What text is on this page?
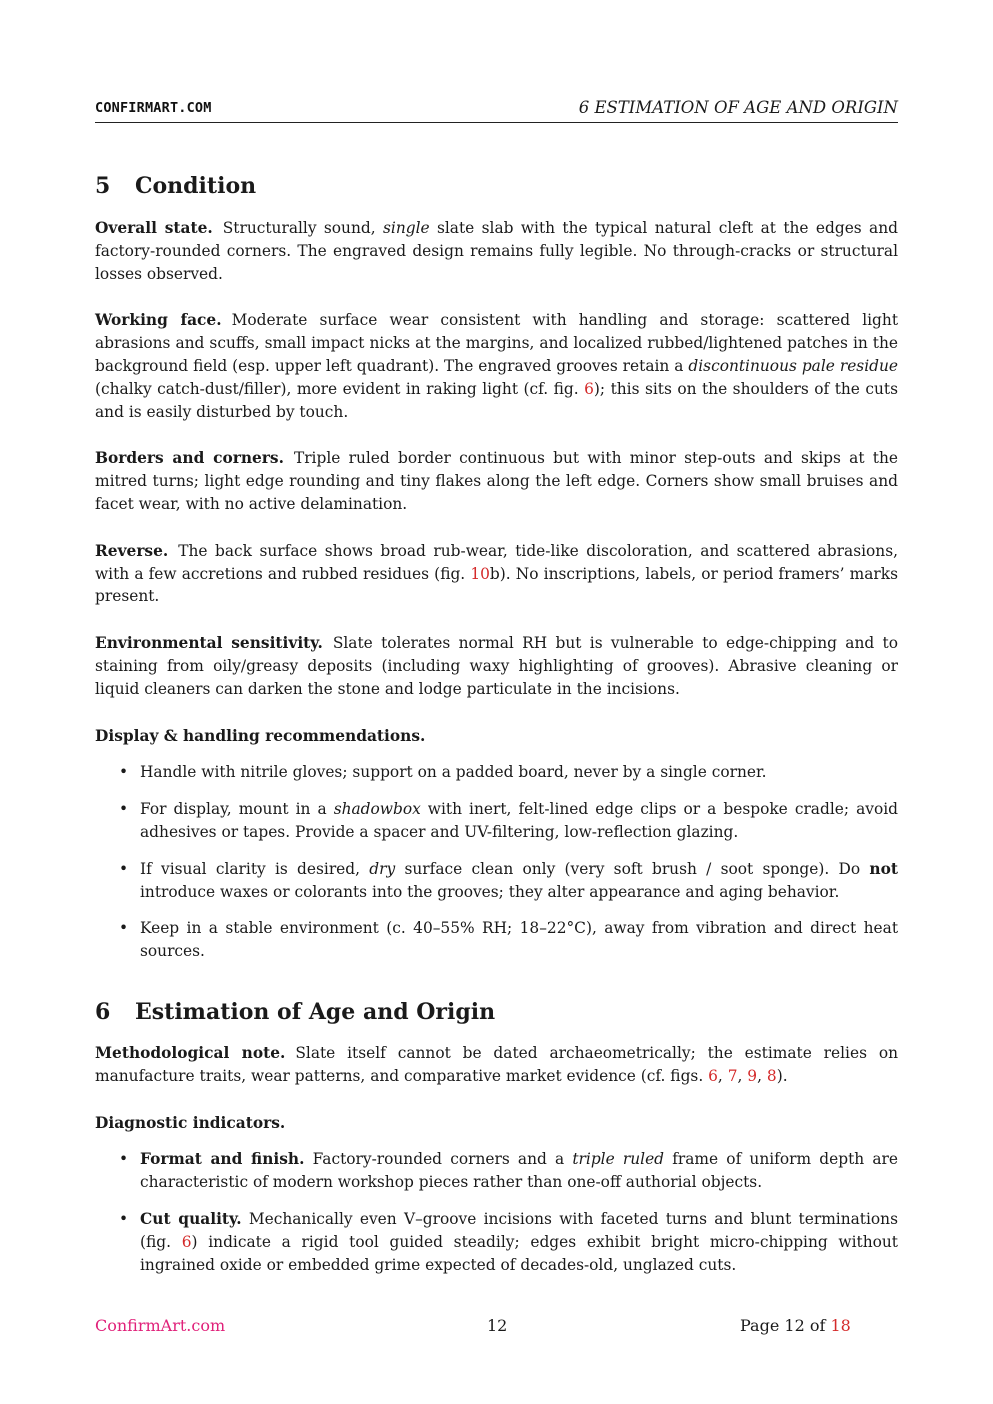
CONFIRMART.COM	6 ESTIMATION OF AGE AND ORIGIN
5	Condition

Overall state. Structurally sound, single slate slab with the typical natural cleft at the edges and factory-rounded corners. The engraved design remains fully legible. No through-cracks or structural losses observed.

Working face. Moderate surface wear consistent with handling and storage: scattered light abrasions and scuffs, small impact nicks at the margins, and localized rubbed/lightened patches in the background field (esp. upper left quadrant). The engraved grooves retain a discontinuous pale residue (chalky catch-dust/filler), more evident in raking light (cf. fig. 6); this sits on the shoulders of the cuts and is easily disturbed by touch.

Borders and corners. Triple ruled border continuous but with minor step-outs and skips at the mitred turns; light edge rounding and tiny flakes along the left edge. Corners show small bruises and facet wear, with no active delamination.

Reverse. The back surface shows broad rub-wear, tide-like discoloration, and scattered abrasions, with a few accretions and rubbed residues (fig. 10b). No inscriptions, labels, or period framers’ marks present.

Environmental sensitivity. Slate tolerates normal RH but is vulnerable to edge-chipping and to staining from oily/greasy deposits (including waxy highlighting of grooves). Abrasive cleaning or liquid cleaners can darken the stone and lodge particulate in the incisions.

Display & handling recommendations.
• Handle with nitrile gloves; support on a padded board, never by a single corner.
• For display, mount in a shadowbox with inert, felt-lined edge clips or a bespoke cradle; avoid adhesives or tapes. Provide a spacer and UV-filtering, low-reflection glazing.
• If visual clarity is desired, dry surface clean only (very soft brush / soot sponge). Do not introduce waxes or colorants into the grooves; they alter appearance and aging behavior.
• Keep in a stable environment (c. 40–55% RH; 18–22°C), away from vibration and direct heat sources.
6	Estimation of Age and Origin

Methodological note. Slate itself cannot be dated archaeometrically; the estimate relies on manufacture traits, wear patterns, and comparative market evidence (cf. figs. 6, 7, 9, 8).

Diagnostic indicators.
• Format and finish. Factory-rounded corners and a triple ruled frame of uniform depth are characteristic of modern workshop pieces rather than one-off authorial objects.
• Cut quality. Mechanically even V–groove incisions with faceted turns and blunt terminations (fig. 6) indicate a rigid tool guided steadily; edges exhibit bright micro-chipping without ingrained oxide or embedded grime expected of decades-old, unglazed cuts.
ConfirmArt.com	12	Page 12 of 18
